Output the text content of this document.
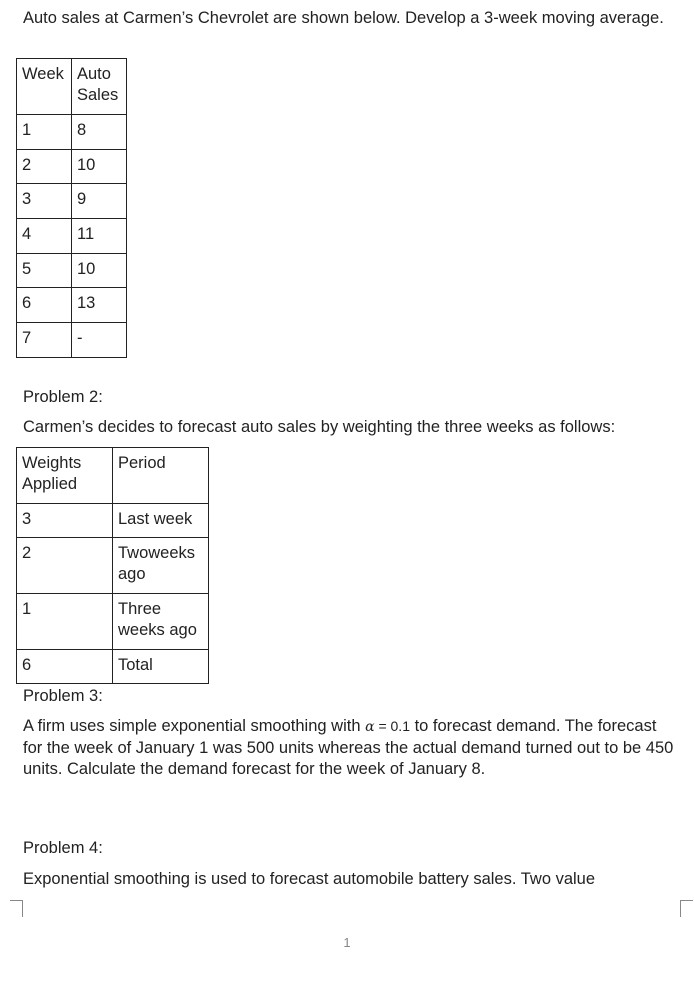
Auto sales at Carmen’s Chevrolet are shown below. Develop a 3-week moving average.
Week	Auto Sales
1	8
2	10
3	9
4	11
5	10
6	13
7	-
Problem 2:
Carmen’s decides to forecast auto sales by weighting the three weeks as follows:
Weights Applied	Period
3	Last week
2	Twoweeks ago
1	Three weeks ago
6	Total
Problem 3:
A firm uses simple exponential smoothing with α = 0.1 to forecast demand. The forecast for the week of January 1 was 500 units whereas the actual demand turned out to be 450 units. Calculate the demand forecast for the week of January 8.
Problem 4:
Exponential smoothing is used to forecast automobile battery sales. Two value
1
